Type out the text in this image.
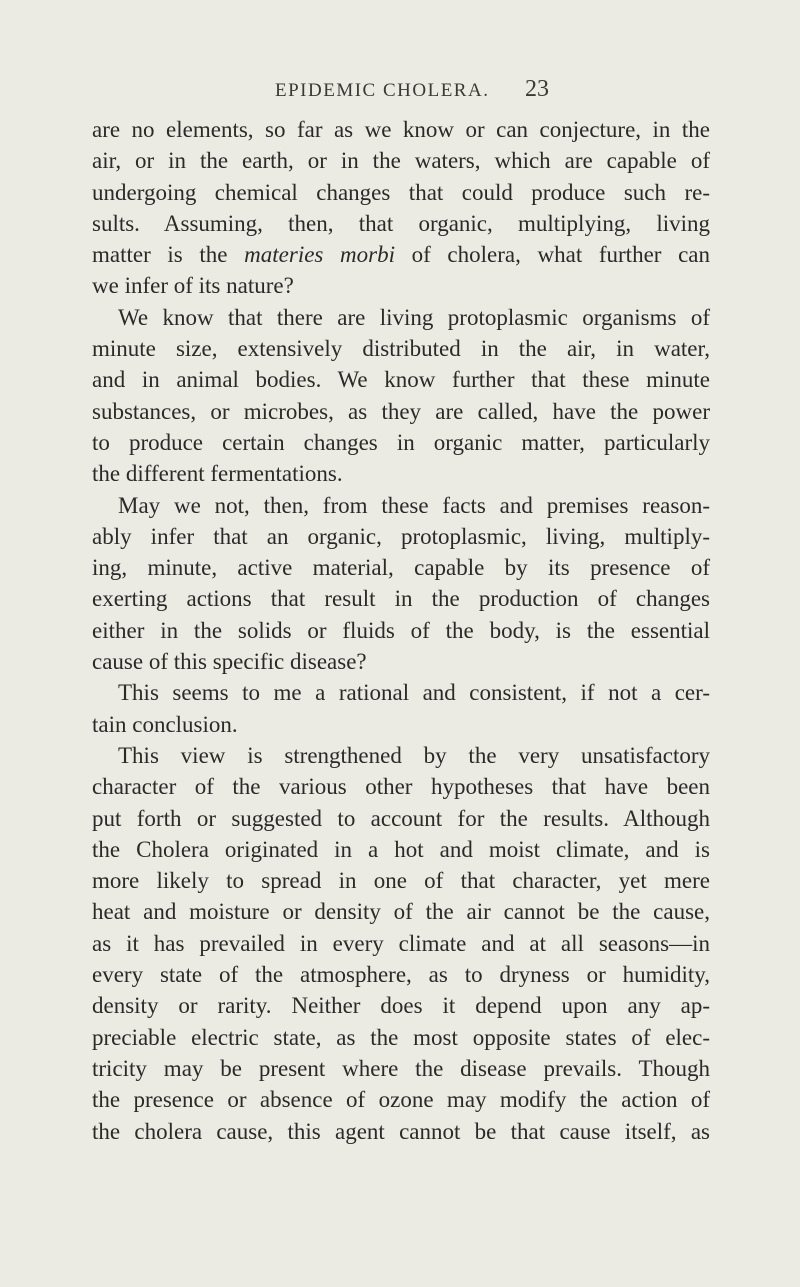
EPIDEMIC CHOLERA. 23
are no elements, so far as we know or can conjecture, in the
air, or in the earth, or in the waters, which are capable of
undergoing chemical changes that could produce such re-
sults. Assuming, then, that organic, multiplying, living
matter is the materies morbi of cholera, what further can
we infer of its nature?
We know that there are living protoplasmic organisms of
minute size, extensively distributed in the air, in water,
and in animal bodies. We know further that these minute
substances, or microbes, as they are called, have the power
to produce certain changes in organic matter, particularly
the different fermentations.
May we not, then, from these facts and premises reason-
ably infer that an organic, protoplasmic, living, multiply-
ing, minute, active material, capable by its presence of
exerting actions that result in the production of changes
either in the solids or fluids of the body, is the essential
cause of this specific disease?
This seems to me a rational and consistent, if not a cer-
tain conclusion.
This view is strengthened by the very unsatisfactory
character of the various other hypotheses that have been
put forth or suggested to account for the results. Although
the Cholera originated in a hot and moist climate, and is
more likely to spread in one of that character, yet mere
heat and moisture or density of the air cannot be the cause,
as it has prevailed in every climate and at all seasons—in
every state of the atmosphere, as to dryness or humidity,
density or rarity. Neither does it depend upon any ap-
preciable electric state, as the most opposite states of elec-
tricity may be present where the disease prevails. Though
the presence or absence of ozone may modify the action of
the cholera cause, this agent cannot be that cause itself, as
